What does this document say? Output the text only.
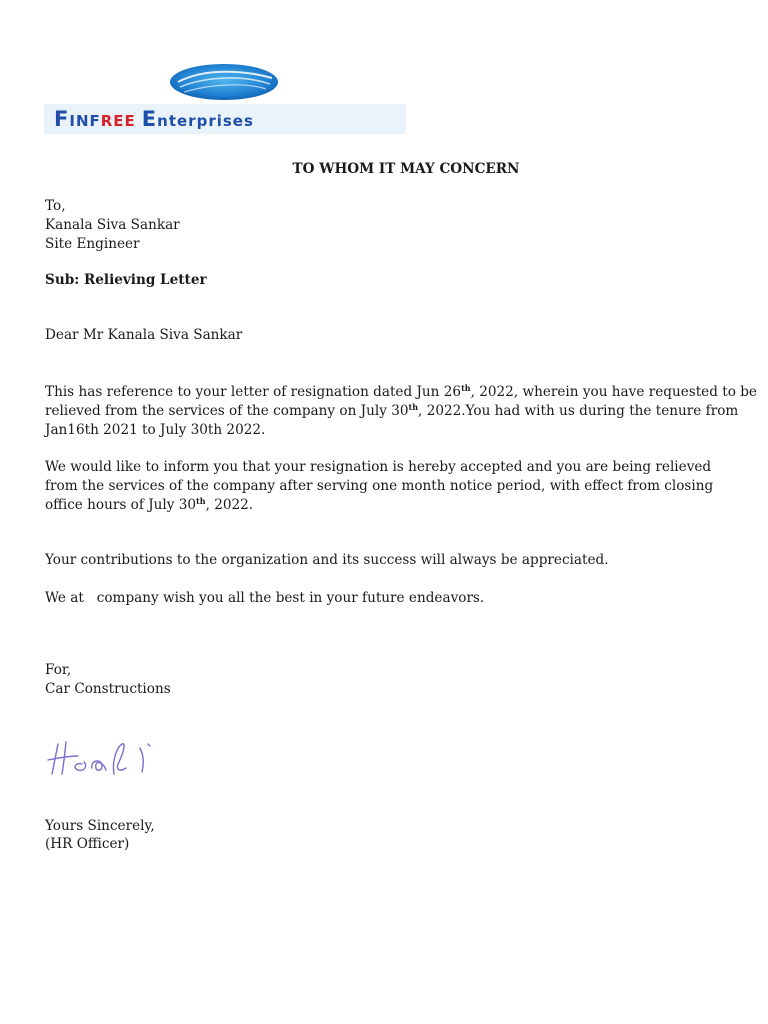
FINFREE Enterprises
TO WHOM IT MAY CONCERN
To,
Kanala Siva Sankar
Site Engineer
Sub: Relieving Letter
Dear Mr Kanala Siva Sankar
This has reference to your letter of resignation dated Jun 26th, 2022, wherein you have requested to be
relieved from the services of the company on July 30th, 2022.You had with us during the tenure from
Jan16th 2021 to July 30th 2022.
We would like to inform you that your resignation is hereby accepted and you are being relieved
from the services of the company after serving one month notice period, with effect from closing
office hours of July 30th, 2022.
Your contributions to the organization and its success will always be appreciated.
We at   company wish you all the best in your future endeavors.
For,
Car Constructions
Yours Sincerely,
(HR Officer)
